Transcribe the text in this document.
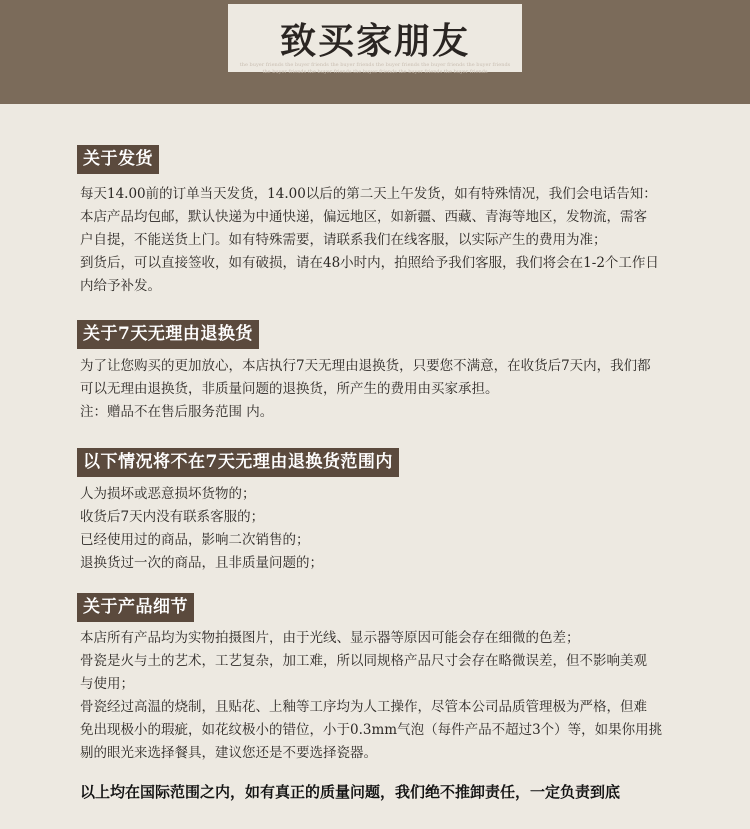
致买家朋友
the buyer friends the buyer friends the buyer friends the buyer friends the buyer friends the buyer friends
the buyer friends the buyer friends the buyer friends the buyer friends the buyer friends
关于发货
每天14.00前的订单当天发货，14.00以后的第二天上午发货，如有特殊情况，我们会电话告知：
本店产品均包邮，默认快递为中通快递，偏远地区，如新疆、西藏、青海等地区，发物流，需客
户自提，不能送货上门。如有特殊需要，请联系我们在线客服，以实际产生的费用为准；
到货后，可以直接签收，如有破损，请在48小时内，拍照给予我们客服，我们将会在1-2个工作日
内给予补发。
关于7天无理由退换货
为了让您购买的更加放心，本店执行7天无理由退换货，只要您不满意，在收货后7天内，我们都
可以无理由退换货，非质量问题的退换货，所产生的费用由买家承担。
注：赠品不在售后服务范围 内。
以下情况将不在7天无理由退换货范围内
人为损坏或恶意损坏货物的；
收货后7天内没有联系客服的；
已经使用过的商品，影响二次销售的；
退换货过一次的商品，且非质量问题的；
关于产品细节
本店所有产品均为实物拍摄图片，由于光线、显示器等原因可能会存在细微的色差；
骨瓷是火与土的艺术，工艺复杂，加工难，所以同规格产品尺寸会存在略微误差，但不影响美观
与使用；
骨瓷经过高温的烧制，且贴花、上釉等工序均为人工操作，尽管本公司品质管理极为严格，但难
免出现极小的瑕疵，如花纹极小的错位，小于0.3mm气泡（每件产品不超过3个）等，如果你用挑
剔的眼光来选择餐具，建议您还是不要选择瓷器。
以上均在国际范围之内，如有真正的质量问题，我们绝不推卸责任，一定负责到底
